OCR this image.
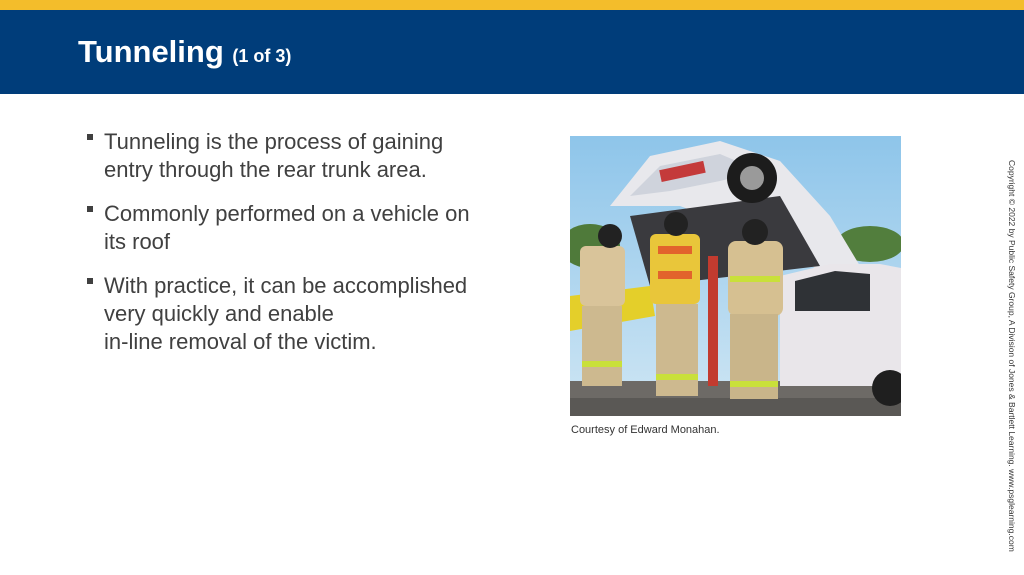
Tunneling (1 of 3)
Tunneling is the process of gaining
entry through the rear trunk area.
Commonly performed on a vehicle on
its roof
With practice, it can be accomplished
very quickly and enable
in-line removal of the victim.
Courtesy of Edward Monahan.	Copyright © 2022 by Public Safety Group, A Division of Jones & Bartlett Learning. www.psglearning.com
